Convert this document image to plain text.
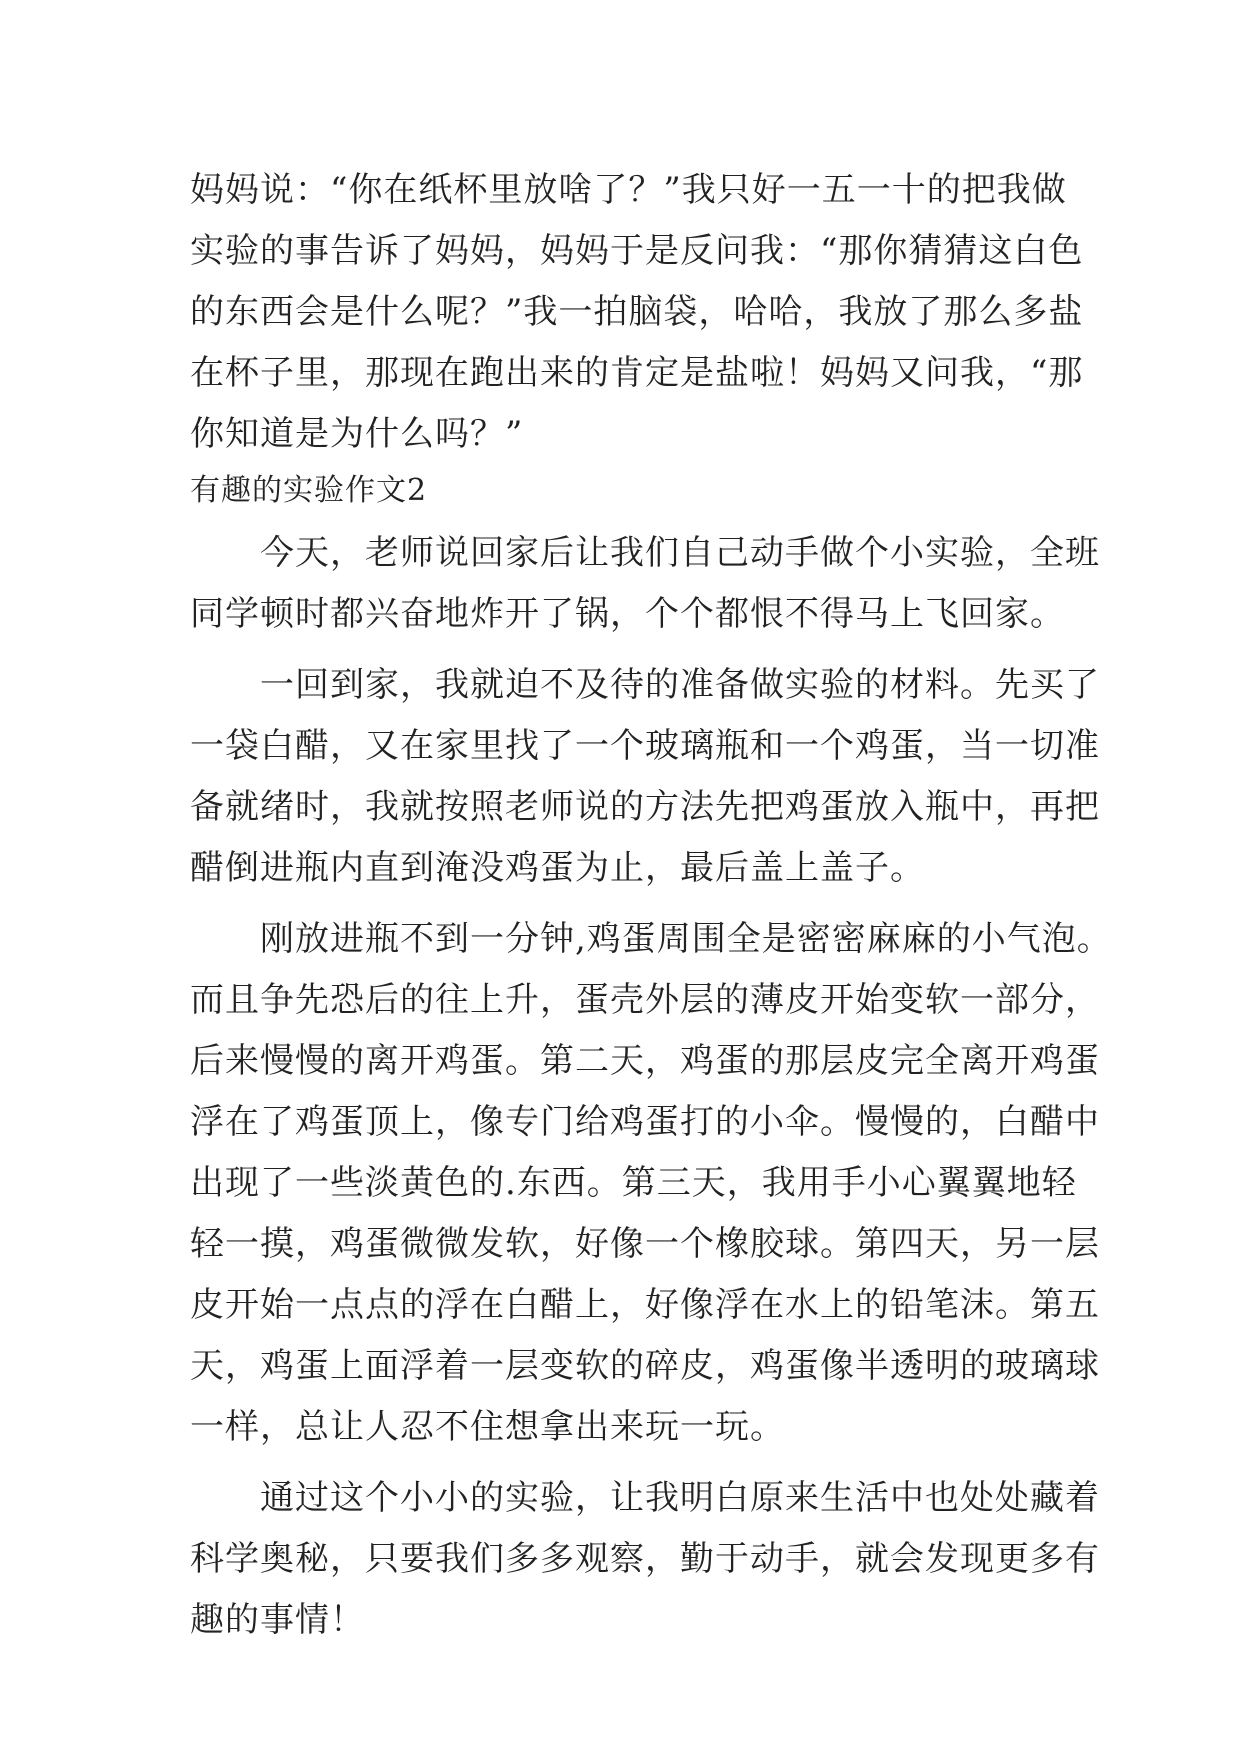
妈妈说：“你在纸杯里放啥了？”我只好一五一十的把我做
实验的事告诉了妈妈，妈妈于是反问我：“那你猜猜这白色
的东西会是什么呢？”我一拍脑袋，哈哈，我放了那么多盐
在杯子里，那现在跑出来的肯定是盐啦！妈妈又问我，“那
你知道是为什么吗？”
有趣的实验作文2
　　今天，老师说回家后让我们自己动手做个小实验，全班
同学顿时都兴奋地炸开了锅，个个都恨不得马上飞回家。
　　一回到家，我就迫不及待的准备做实验的材料。先买了
一袋白醋，又在家里找了一个玻璃瓶和一个鸡蛋，当一切准
备就绪时，我就按照老师说的方法先把鸡蛋放入瓶中，再把
醋倒进瓶内直到淹没鸡蛋为止，最后盖上盖子。
　　刚放进瓶不到一分钟,鸡蛋周围全是密密麻麻的小气泡。
而且争先恐后的往上升，蛋壳外层的薄皮开始变软一部分，
后来慢慢的离开鸡蛋。第二天，鸡蛋的那层皮完全离开鸡蛋
浮在了鸡蛋顶上，像专门给鸡蛋打的小伞。慢慢的，白醋中
出现了一些淡黄色的.东西。第三天，我用手小心翼翼地轻
轻一摸，鸡蛋微微发软，好像一个橡胶球。第四天，另一层
皮开始一点点的浮在白醋上，好像浮在水上的铅笔沫。第五
天，鸡蛋上面浮着一层变软的碎皮，鸡蛋像半透明的玻璃球
一样，总让人忍不住想拿出来玩一玩。
　　通过这个小小的实验，让我明白原来生活中也处处藏着
科学奥秘，只要我们多多观察，勤于动手，就会发现更多有
趣的事情！
